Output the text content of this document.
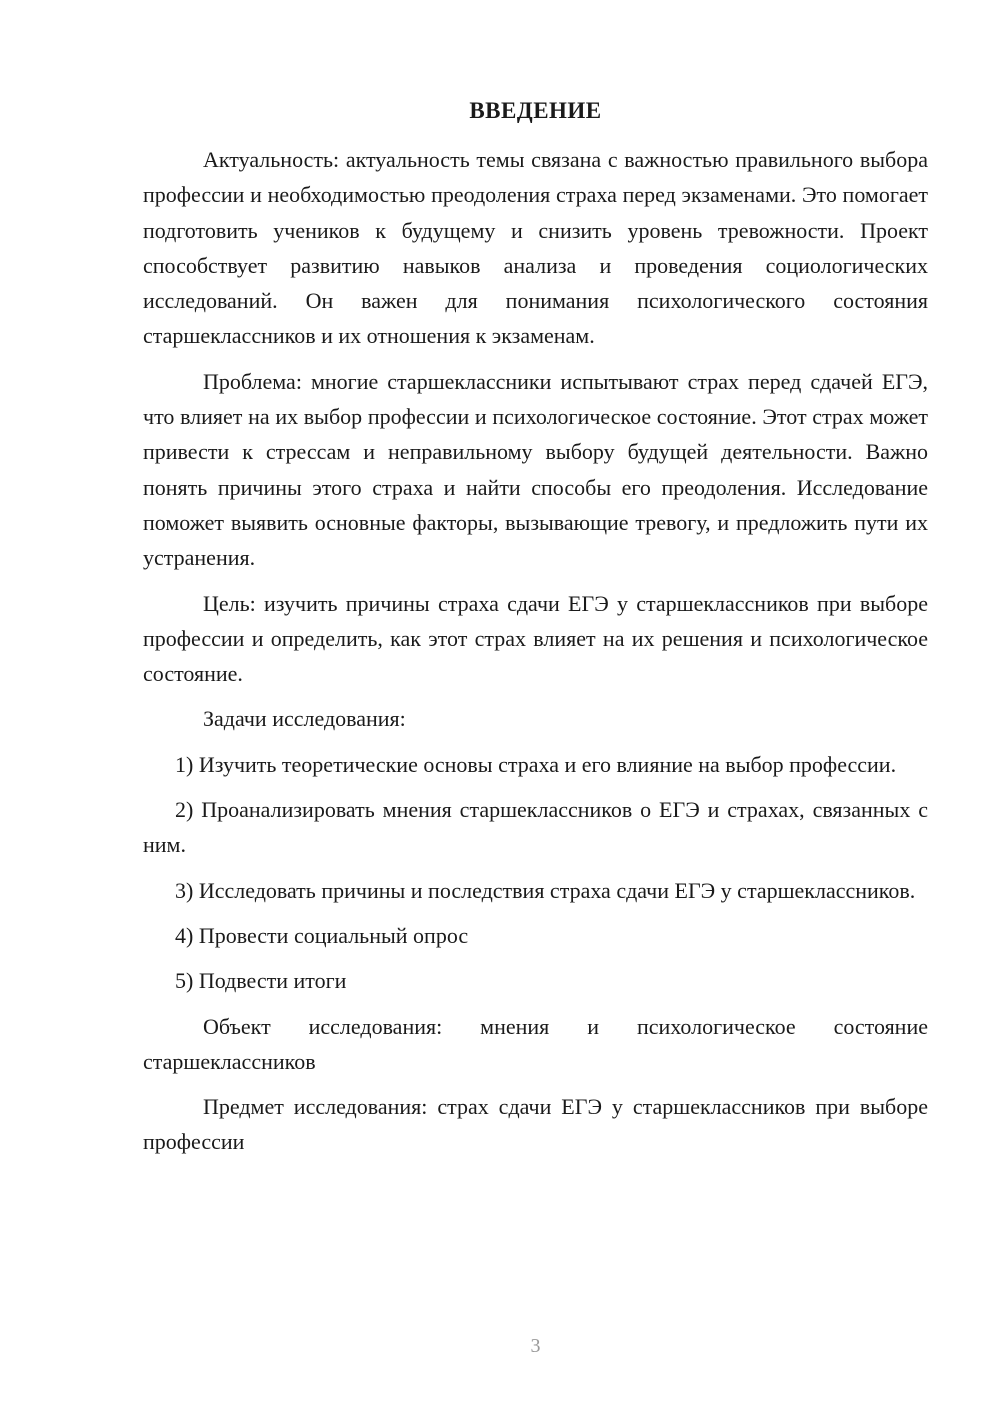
ВВЕДЕНИЕ

Актуальность: актуальность темы связана с важностью правильного выбора профессии и необходимостью преодоления страха перед экзаменами. Это помогает подготовить учеников к будущему и снизить уровень тревожности. Проект способствует развитию навыков анализа и проведения социологических исследований. Он важен для понимания психологического состояния старшеклассников и их отношения к экзаменам.

Проблема: многие старшеклассники испытывают страх перед сдачей ЕГЭ, что влияет на их выбор профессии и психологическое состояние. Этот страх может привести к стрессам и неправильному выбору будущей деятельности. Важно понять причины этого страха и найти способы его преодоления. Исследование поможет выявить основные факторы, вызывающие тревогу, и предложить пути их устранения.

Цель: изучить причины страха сдачи ЕГЭ у старшеклассников при выборе профессии и определить, как этот страх влияет на их решения и психологическое состояние.

Задачи исследования:

1) Изучить теоретические основы страха и его влияние на выбор профессии.

2) Проанализировать мнения старшеклассников о ЕГЭ и страхах, связанных с ним.

3) Исследовать причины и последствия страха сдачи ЕГЭ у старшеклассников.

4) Провести социальный опрос

5) Подвести итоги

Объект исследования: мнения и психологическое состояние старшеклассников

Предмет исследования: страх сдачи ЕГЭ у старшеклассников при выборе профессии

3
